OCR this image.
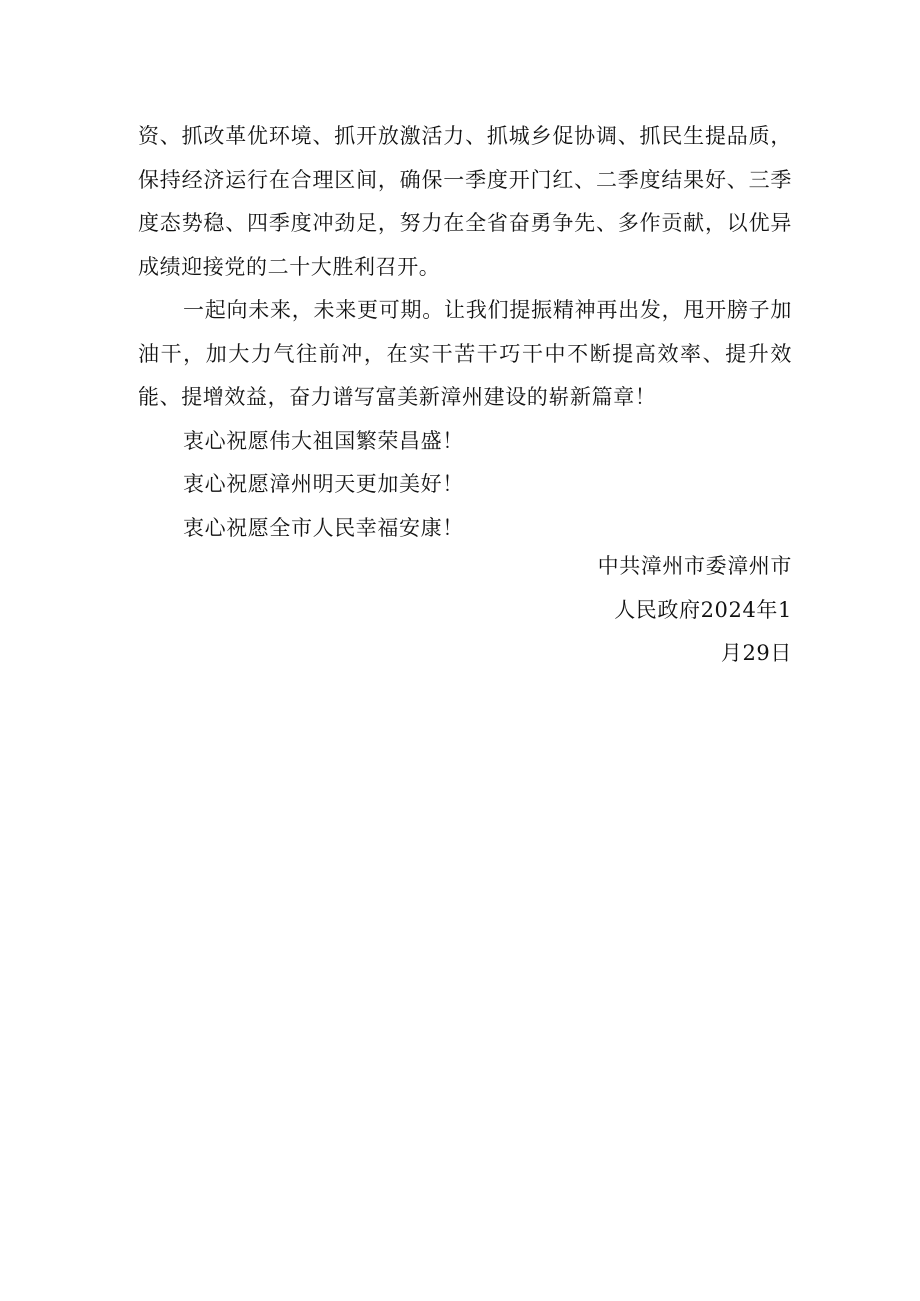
资、抓改革优环境、抓开放激活力、抓城乡促协调、抓民生提品质，保持经济运行在合理区间，确保一季度开门红、二季度结果好、三季度态势稳、四季度冲劲足，努力在全省奋勇争先、多作贡献，以优异成绩迎接党的二十大胜利召开。

一起向未来，未来更可期。让我们提振精神再出发，甩开膀子加油干，加大力气往前冲，在实干苦干巧干中不断提高效率、提升效能、提增效益，奋力谱写富美新漳州建设的崭新篇章！

衷心祝愿伟大祖国繁荣昌盛！

衷心祝愿漳州明天更加美好！

衷心祝愿全市人民幸福安康！

中共漳州市委漳州市
人民政府2024年1
月29日
